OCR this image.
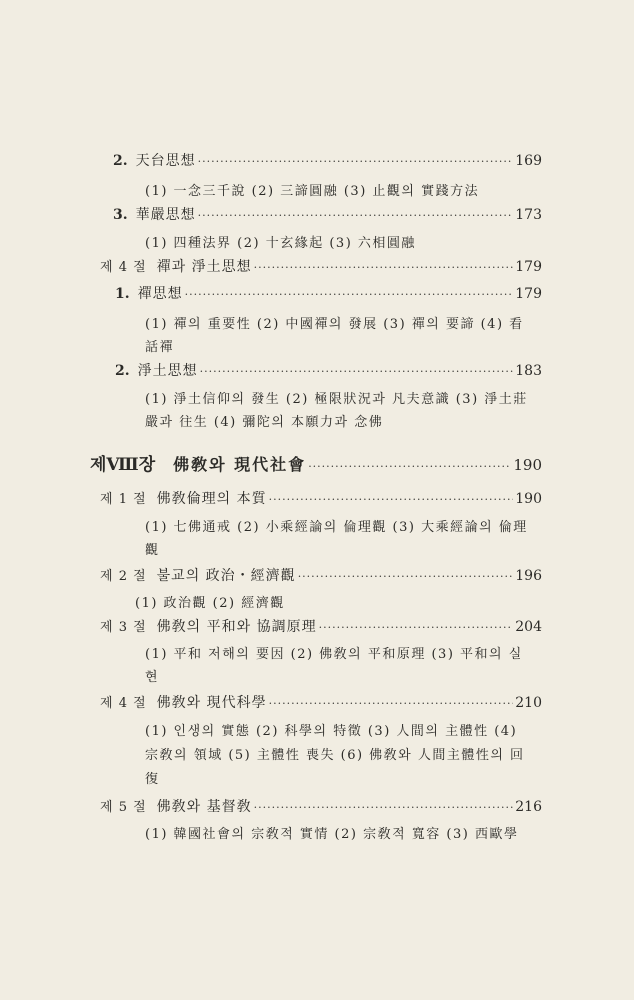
2. 天台思想 ·····	169
(1) 一念三千說 (2) 三諦圓融 (3) 止觀의 實踐方法
3. 華嚴思想 ·····	173
(1) 四種法界 (2) 十玄緣起 (3) 六相圓融
제 4 절 禪과 淨土思想 ·····	179
1. 禪思想 ·····	179
(1) 禪의 重要性 (2) 中國禪의 發展 (3) 禪의 要諦 (4) 看
話禪
2. 淨土思想 ·····	183
(1) 淨土信仰의 發生 (2) 極限狀況과 凡夫意識 (3) 淨土莊
嚴과 往生 (4) 彌陀의 本願力과 念佛
제Ⅷ장 佛敎와 現代社會 ·····	190
제 1 절 佛敎倫理의 本質 ·····	190
(1) 七佛通戒 (2) 小乘經論의 倫理觀 (3) 大乘經論의 倫理
觀
제 2 절 불교의 政治・經濟觀 ·····	196
(1) 政治觀 (2) 經濟觀
제 3 절 佛敎의 平和와 協調原理 ·····	204
(1) 平和 저해의 要因 (2) 佛敎의 平和原理 (3) 平和의 실
현
제 4 절 佛敎와 現代科學 ·····	210
(1) 인생의 實態 (2) 科學의 特徵 (3) 人間의 主體性 (4)
宗敎의 領域 (5) 主體性 喪失 (6) 佛敎와 人間主體性의 回
復
제 5 절 佛敎와 基督敎 ·····	216
(1) 韓國社會의 宗敎적 實情 (2) 宗敎적 寬容 (3) 西歐學
